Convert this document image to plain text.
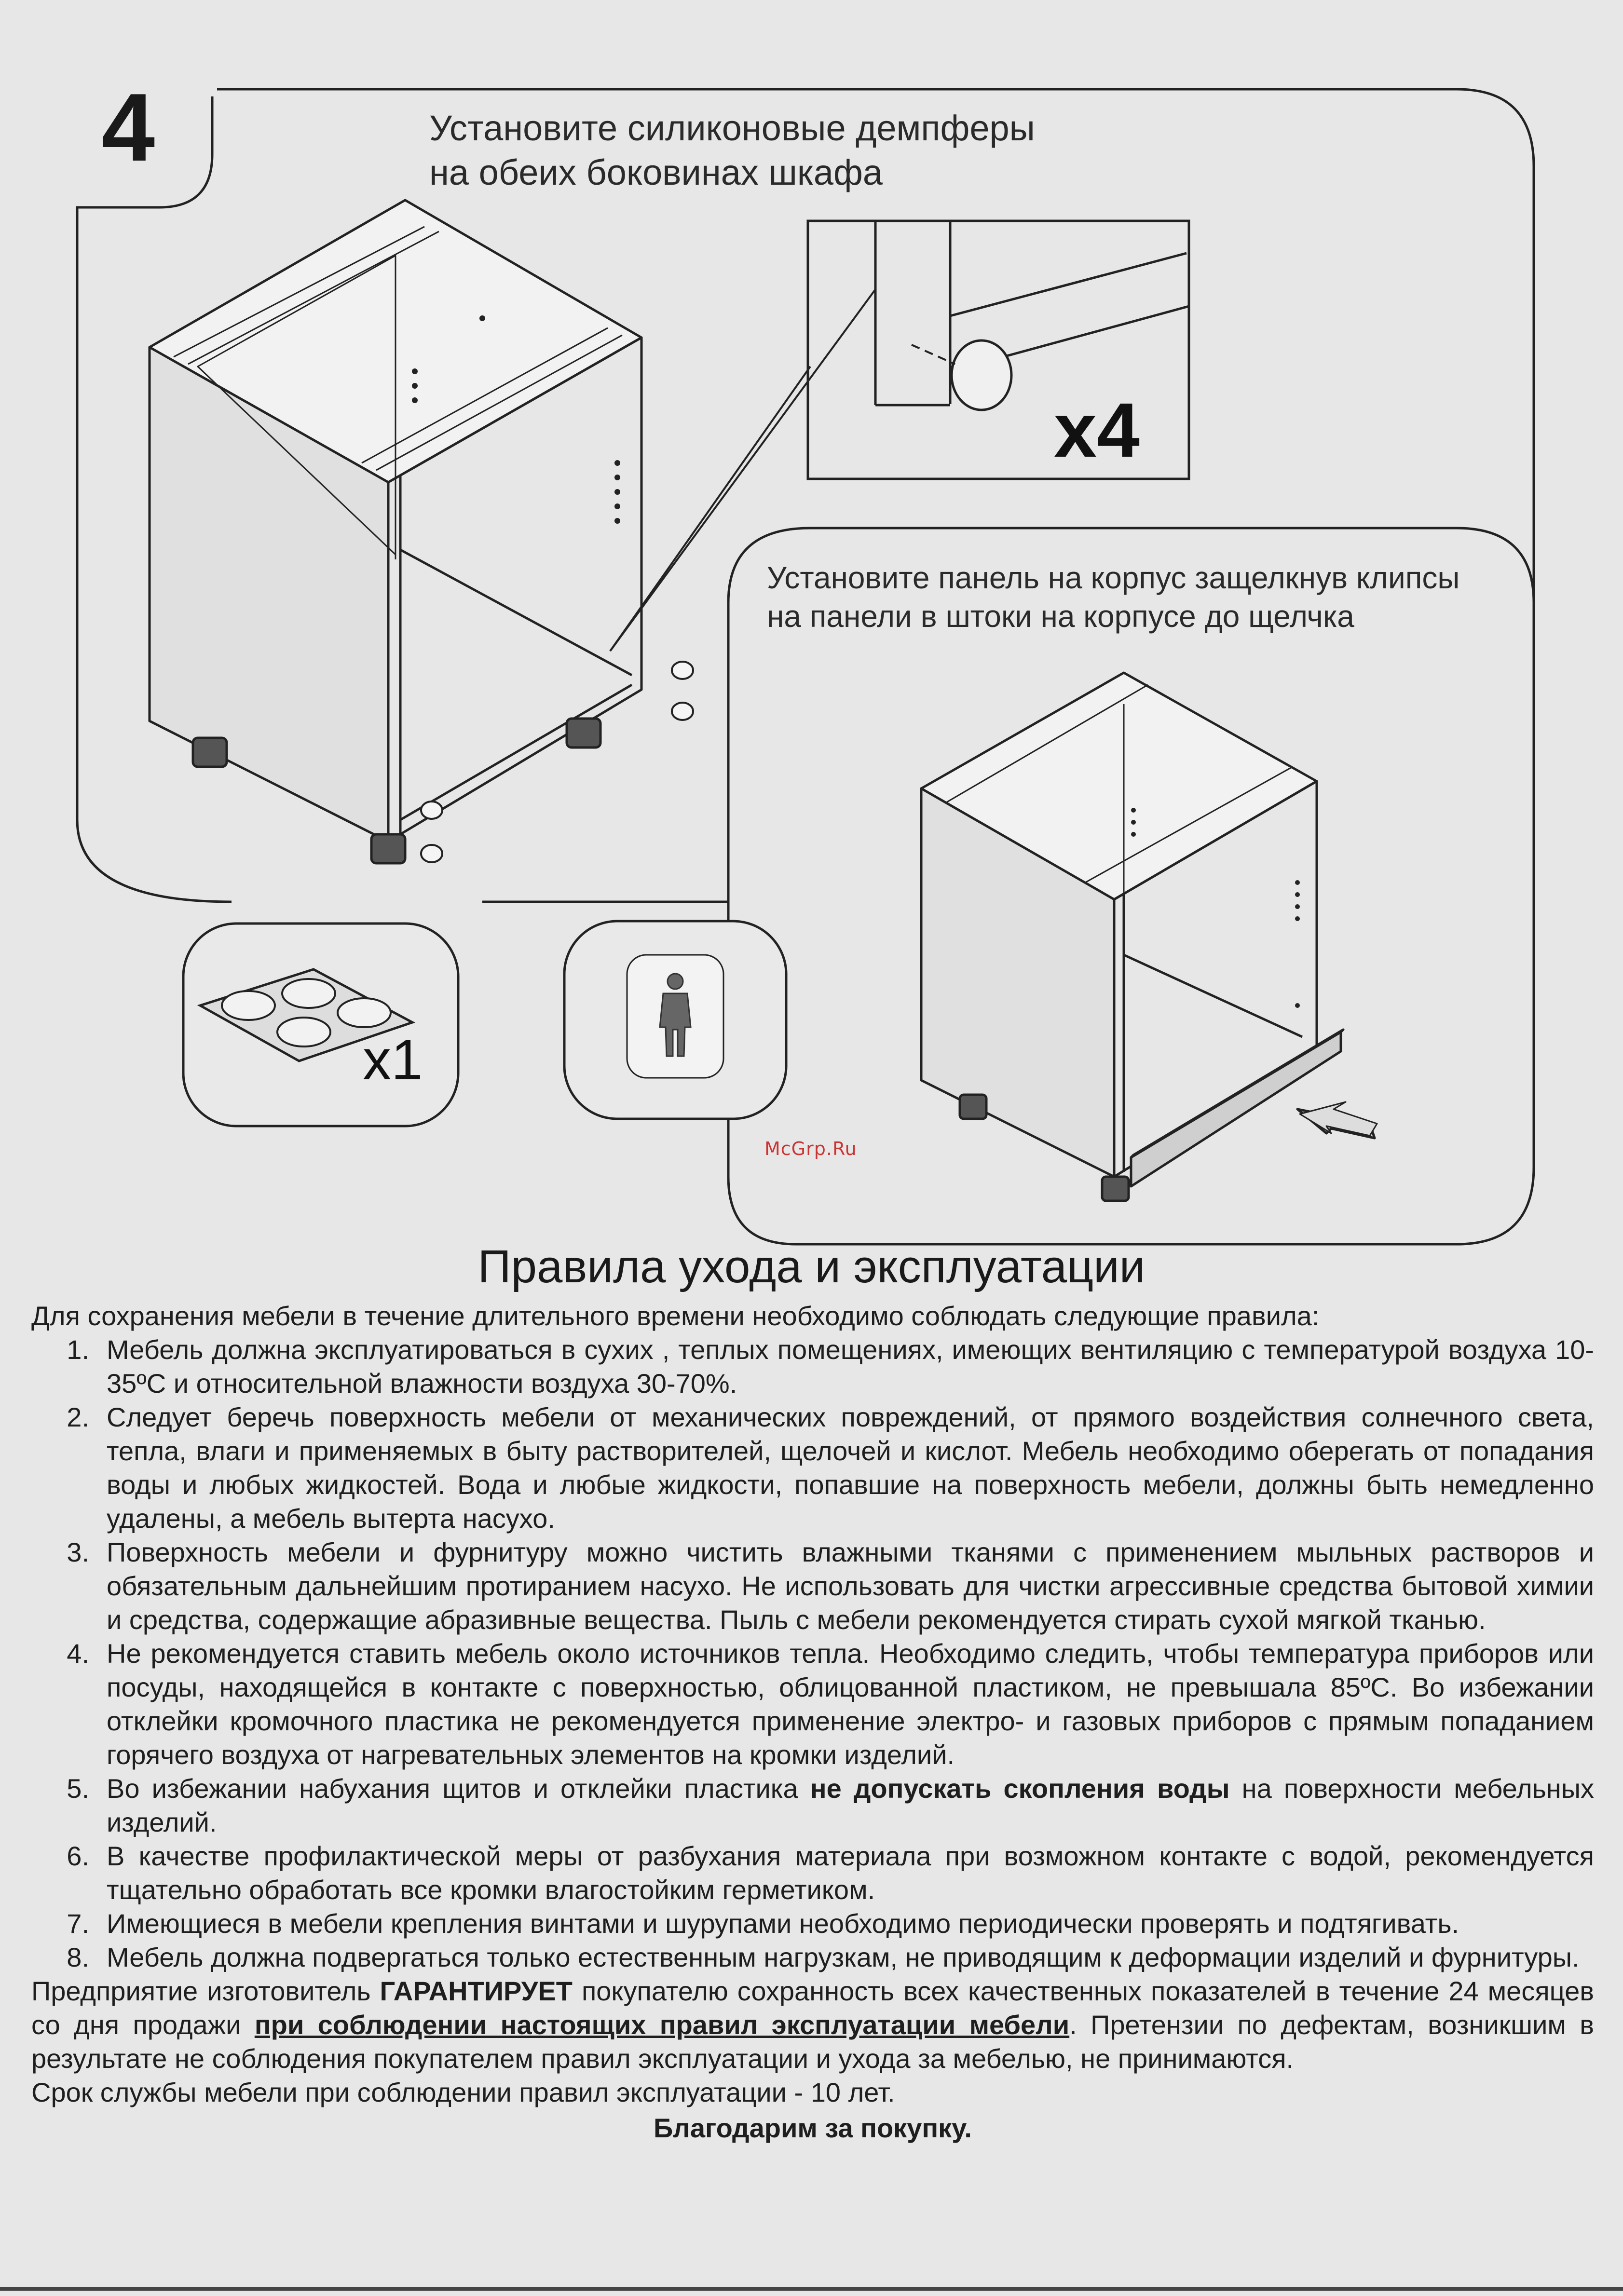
4	Установите силиконовые демпферы
на обеих боковинах шкафа
x4
Установите панель на корпус защелкнув клипсы
на панели в штоки на корпусе до щелчка
x1
McGrp.Ru
Правила ухода и эксплуатации

Для сохранения мебели в течение длительного времени необходимо соблюдать следующие правила:

1. Мебель должна эксплуатироваться в сухих , теплых помещениях, имеющих вентиляцию с температурой воздуха 10-35ºC и относительной влажности воздуха 30-70%.
2. Следует беречь поверхность мебели от механических повреждений, от прямого воздействия солнечного света, тепла, влаги и применяемых в быту растворителей, щелочей и кислот. Мебель необходимо оберегать от попадания воды и любых жидкостей. Вода и любые жидкости, попавшие на поверхность мебели, должны быть немедленно удалены, а мебель вытерта насухо.
3. Поверхность мебели и фурнитуру можно чистить влажными тканями с применением мыльных растворов и обязательным дальнейшим протиранием насухо. Не использовать для чистки агрессивные средства бытовой химии и средства, содержащие абразивные вещества. Пыль с мебели рекомендуется стирать сухой мягкой тканью.
4. Не рекомендуется ставить мебель около источников тепла. Необходимо следить, чтобы температура приборов или посуды, находящейся в контакте с поверхностью, облицованной пластиком, не превышала 85ºC. Во избежании отклейки кромочного пластика не рекомендуется применение электро- и газовых приборов с прямым попаданием горячего воздуха от нагревательных элементов на кромки изделий.
5. Во избежании набухания щитов и отклейки пластика не допускать скопления воды на поверхности мебельных изделий.
6. В качестве профилактической меры от разбухания материала при возможном контакте с водой, рекомендуется тщательно обработать все кромки влагостойким герметиком.
7. Имеющиеся в мебели крепления винтами и шурупами необходимо периодически проверять и подтягивать.
8. Мебель должна подвергаться только естественным нагрузкам, не приводящим к деформации изделий и фурнитуры.

Предприятие изготовитель ГАРАНТИРУЕТ покупателю сохранность всех качественных показателей в течение 24 месяцев со дня продажи при соблюдении настоящих правил эксплуатации мебели. Претензии по дефектам, возникшим в результате не соблюдения покупателем правил эксплуатации и ухода за мебелью, не принимаются.

Срок службы мебели при соблюдении правил эксплуатации - 10 лет.

Благодарим за покупку.
